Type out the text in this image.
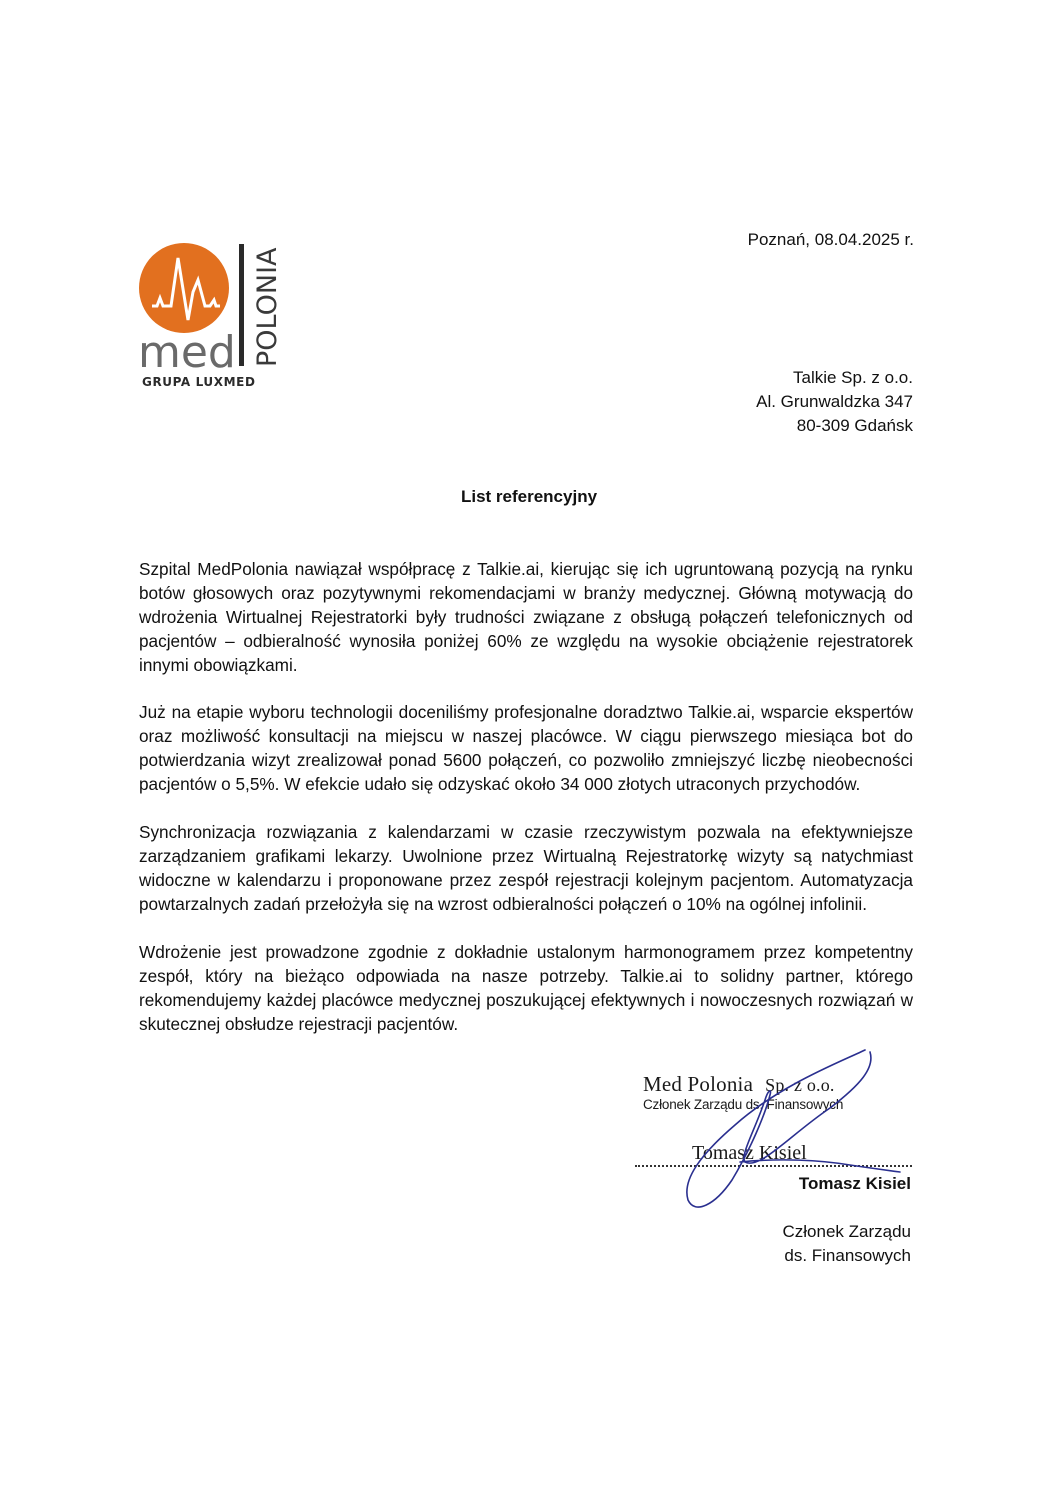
med POLONIA
GRUPA LUXMED
Poznań, 08.04.2025 r.
Talkie Sp. z o.o.
Al. Grunwaldzka 347
80-309 Gdańsk
List referencyjny

Szpital MedPolonia nawiązał współpracę z Talkie.ai, kierując się ich ugruntowaną pozycją na rynku botów głosowych oraz pozytywnymi rekomendacjami w branży medycznej. Główną motywacją do wdrożenia Wirtualnej Rejestratorki były trudności związane z obsługą połączeń telefonicznych od pacjentów – odbieralność wynosiła poniżej 60% ze względu na wysokie obciążenie rejestratorek innymi obowiązkami.

Już na etapie wyboru technologii doceniliśmy profesjonalne doradztwo Talkie.ai, wsparcie ekspertów oraz możliwość konsultacji na miejscu w naszej placówce. W ciągu pierwszego miesiąca bot do potwierdzania wizyt zrealizował ponad 5600 połączeń, co pozwoliło zmniejszyć liczbę nieobecności pacjentów o 5,5%. W efekcie udało się odzyskać około 34 000 złotych utraconych przychodów.

Synchronizacja rozwiązania z kalendarzami w czasie rzeczywistym pozwala na efektywniejsze zarządzaniem grafikami lekarzy. Uwolnione przez Wirtualną Rejestratorkę wizyty są natychmiast widoczne w kalendarzu i proponowane przez zespół rejestracji kolejnym pacjentom. Automatyzacja powtarzalnych zadań przełożyła się na wzrost odbieralności połączeń o 10% na ogólnej infolinii.

Wdrożenie jest prowadzone zgodnie z dokładnie ustalonym harmonogramem przez kompetentny zespół, który na bieżąco odpowiada na nasze potrzeby. Talkie.ai to solidny partner, którego rekomendujemy każdej placówce medycznej poszukującej efektywnych i nowoczesnych rozwiązań w skutecznej obsłudze rejestracji pacjentów.

Med Polonia Sp. z o.o.
Członek Zarządu ds. Finansowych
Tomasz Kisiel
Tomasz Kisiel
Członek Zarządu
ds. Finansowych
